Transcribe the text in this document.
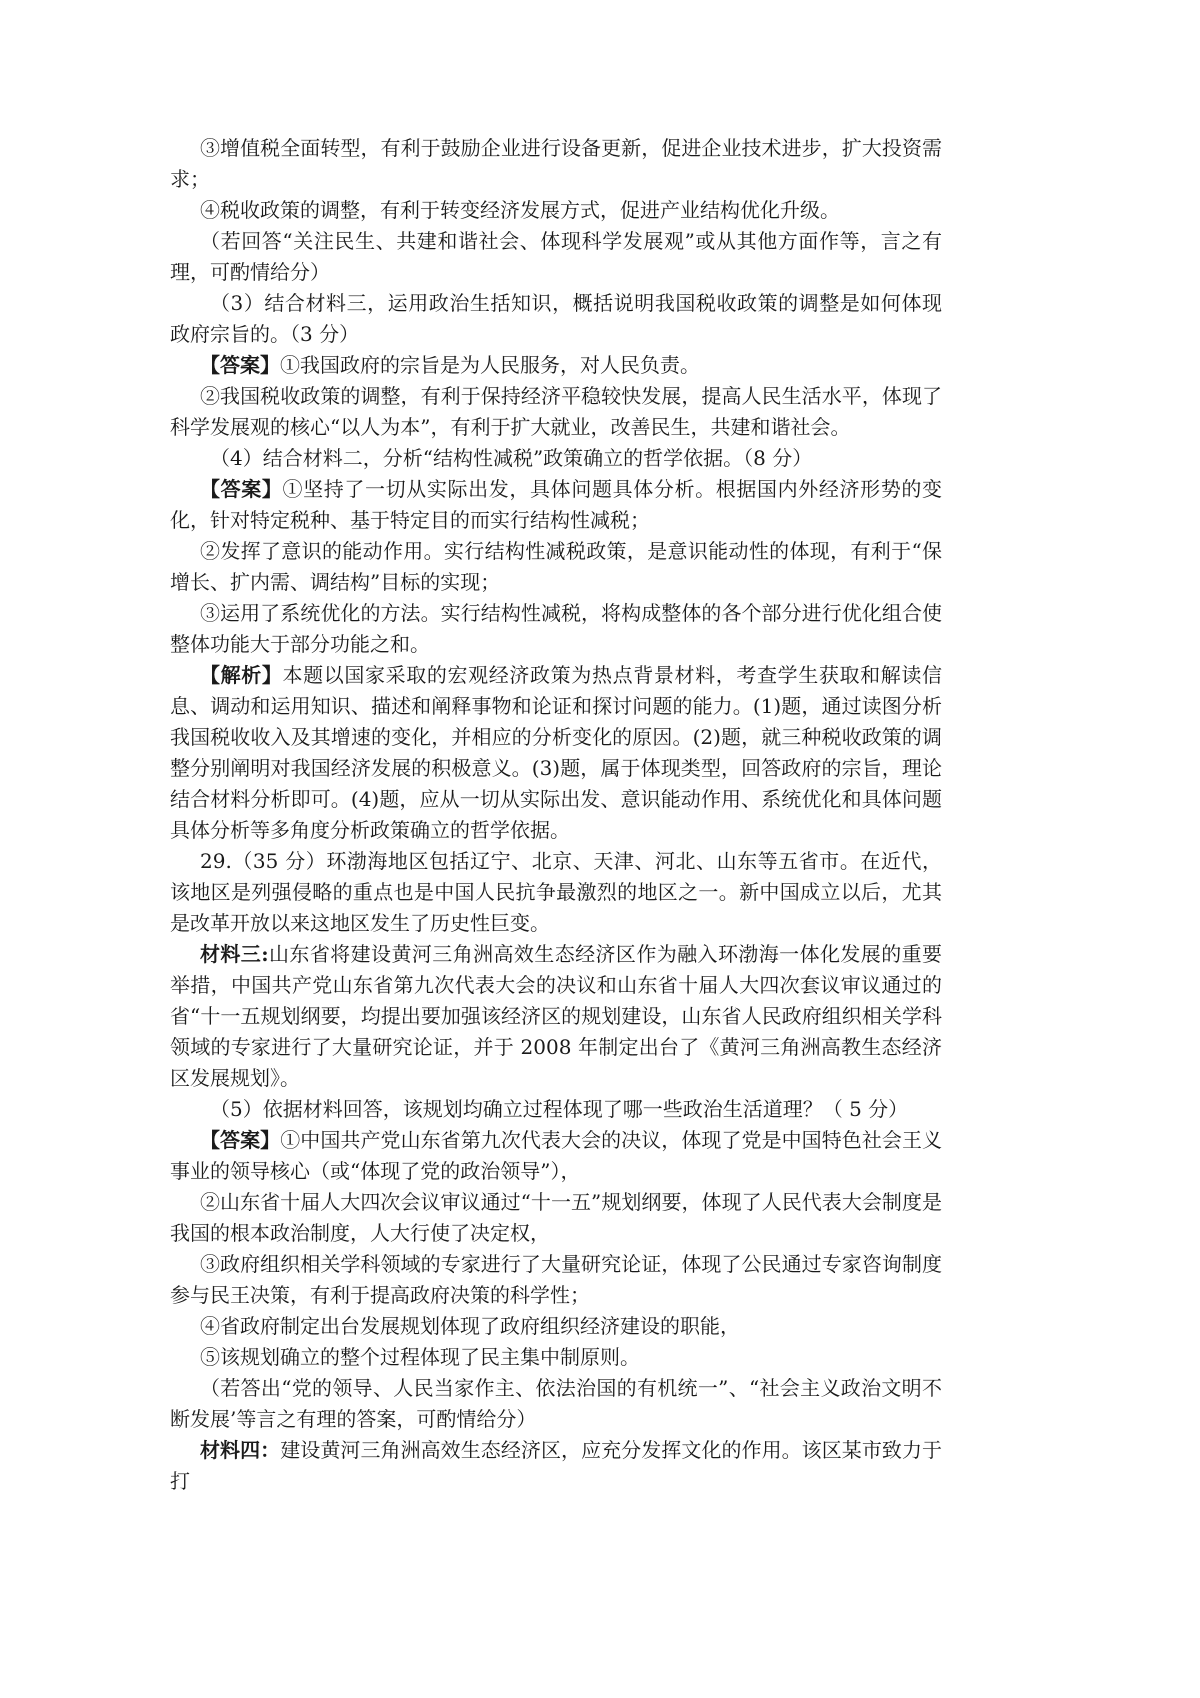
③增值税全面转型，有利于鼓励企业进行设备更新，促进企业技术进步，扩大投资需求；

④税收政策的调整，有利于转变经济发展方式，促进产业结构优化升级。

（若回答“关注民生、共建和谐社会、体现科学发展观”或从其他方面作等，言之有理，可酌情给分）

（3）结合材料三，运用政治生括知识，概括说明我国税收政策的调整是如何体现政府宗旨的。（3 分）

【答案】①我国政府的宗旨是为人民服务，对人民负责。

②我国税收政策的调整，有利于保持经济平稳较快发展，提高人民生活水平，体现了科学发展观的核心“以人为本”，有利于扩大就业，改善民生，共建和谐社会。

（4）结合材料二，分析“结构性减税”政策确立的哲学依据。（8 分）

【答案】①坚持了一切从实际出发，具体问题具体分析。根据国内外经济形势的变化，针对特定税种、基于特定目的而实行结构性减税；

②发挥了意识的能动作用。实行结构性减税政策，是意识能动性的体现，有利于“保增长、扩内需、调结构”目标的实现；

③运用了系统优化的方法。实行结构性减税，将构成整体的各个部分进行优化组合使整体功能大于部分功能之和。

【解析】本题以国家采取的宏观经济政策为热点背景材料，考查学生获取和解读信息、调动和运用知识、描述和阐释事物和论证和探讨问题的能力。(1)题，通过读图分析我国税收收入及其增速的变化，并相应的分析变化的原因。(2)题，就三种税收政策的调整分别阐明对我国经济发展的积极意义。(3)题，属于体现类型，回答政府的宗旨，理论结合材料分析即可。(4)题，应从一切从实际出发、意识能动作用、系统优化和具体问题具体分析等多角度分析政策确立的哲学依据。

29.（35 分）环渤海地区包括辽宁、北京、天津、河北、山东等五省市。在近代，该地区是列强侵略的重点也是中国人民抗争最激烈的地区之一。新中国成立以后，尤其是改革开放以来这地区发生了历史性巨变。

材料三:山东省将建设黄河三角洲高效生态经济区作为融入环渤海一体化发展的重要举措，中国共产党山东省第九次代表大会的决议和山东省十届人大四次套议审议通过的省“十一五规划纲要，均提出要加强该经济区的规划建设，山东省人民政府组织相关学科领域的专家进行了大量研究论证，并于 2008 年制定出台了《黄河三角洲高教生态经济区发展规划》。

（5）依据材料回答，该规划均确立过程体现了哪一些政治生活道理？（ 5 分）

【答案】①中国共产党山东省第九次代表大会的决议，体现了党是中国特色社会王义事业的领导核心（或“体现了党的政治领导”），

②山东省十届人大四次会议审议通过“十一五”规划纲要，体现了人民代表大会制度是我国的根本政治制度，人大行使了决定权，

③政府组织相关学科领域的专家进行了大量研究论证，体现了公民通过专家咨询制度参与民王决策，有利于提高政府决策的科学性；

④省政府制定出台发展规划体现了政府组织经济建设的职能，

⑤该规划确立的整个过程体现了民主集中制原则。

（若答出“党的领导、人民当家作主、依法治国的有机统一”、“社会主义政治文明不断发展’等言之有理的答案，可酌情给分）

材料四：建设黄河三角洲高效生态经济区，应充分发挥文化的作用。该区某市致力于打
